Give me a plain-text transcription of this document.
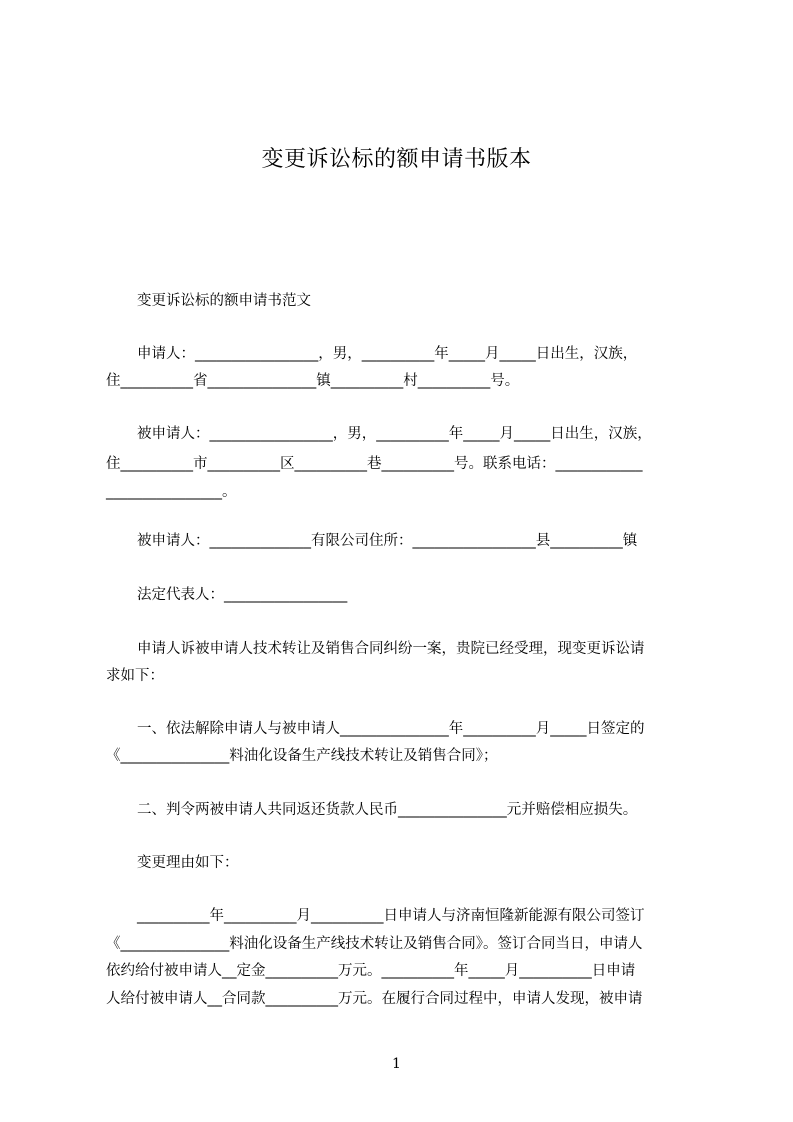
变更诉讼标的额申请书版本
变更诉讼标的额申请书范文
申请人：_________________，男，__________年_____月_____日出生，汉族，
住__________省_______________镇__________村__________号。
被申请人：_________________，男，__________年_____月_____日出生，汉族，
住__________市__________区__________巷__________号。联系电话：____________
________________。
被申请人：______________有限公司住所：_________________县__________镇
法定代表人：_________________
申请人诉被申请人技术转让及销售合同纠纷一案，贵院已经受理，现变更诉讼请
求如下：
一、依法解除申请人与被申请人_______________年__________月_____日签定的
《_______________料油化设备生产线技术转让及销售合同》；
二、判令两被申请人共同返还货款人民币_______________元并赔偿相应损失。
变更理由如下：
__________年__________月__________日申请人与济南恒隆新能源有限公司签订
《_______________料油化设备生产线技术转让及销售合同》。签订合同当日，申请人
依约给付被申请人__定金__________万元。__________年_____月__________日申请
人给付被申请人__合同款__________万元。在履行合同过程中，申请人发现，被申请
1
